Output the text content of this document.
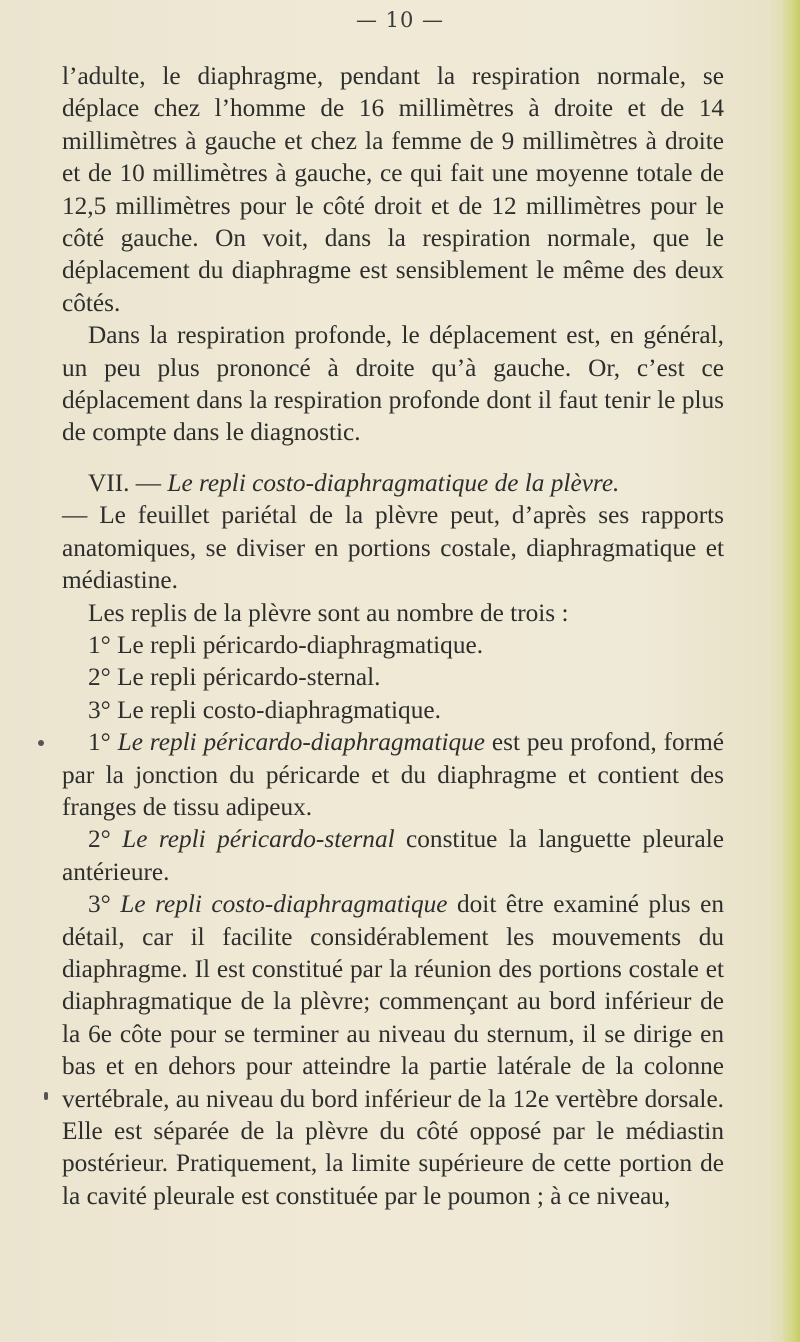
— 10 —

l’adulte, le diaphragme, pendant la respiration normale, se déplace chez l’homme de 16 millimètres à droite et de 14 millimètres à gauche et chez la femme de 9 millimètres à droite et de 10 millimètres à gauche, ce qui fait une moyenne totale de 12,5 millimètres pour le côté droit et de 12 millimètres pour le côté gauche. On voit, dans la respiration normale, que le déplacement du diaphragme est sensiblement le même des deux côtés.

Dans la respiration profonde, le déplacement est, en général, un peu plus prononcé à droite qu’à gauche. Or, c’est ce déplacement dans la respiration profonde dont il faut tenir le plus de compte dans le diagnostic.

VII. — Le repli costo-diaphragmatique de la plèvre.

— Le feuillet pariétal de la plèvre peut, d’après ses rapports anatomiques, se diviser en portions costale, diaphragmatique et médiastine.

Les replis de la plèvre sont au nombre de trois :

1° Le repli péricardo-diaphragmatique.

2° Le repli péricardo-sternal.

3° Le repli costo-diaphragmatique.

1° Le repli péricardo-diaphragmatique est peu profond, formé par la jonction du péricarde et du diaphragme et contient des franges de tissu adipeux.

2° Le repli péricardo-sternal constitue la languette pleurale antérieure.

3° Le repli costo-diaphragmatique doit être examiné plus en détail, car il facilite considérablement les mouvements du diaphragme. Il est constitué par la réunion des portions costale et diaphragmatique de la plèvre; commençant au bord inférieur de la 6e côte pour se terminer au niveau du sternum, il se dirige en bas et en dehors pour atteindre la partie latérale de la colonne vertébrale, au niveau du bord inférieur de la 12e vertèbre dorsale. Elle est séparée de la plèvre du côté opposé par le médiastin postérieur. Pratiquement, la limite supérieure de cette portion de la cavité pleurale est constituée par le poumon ; à ce niveau,
